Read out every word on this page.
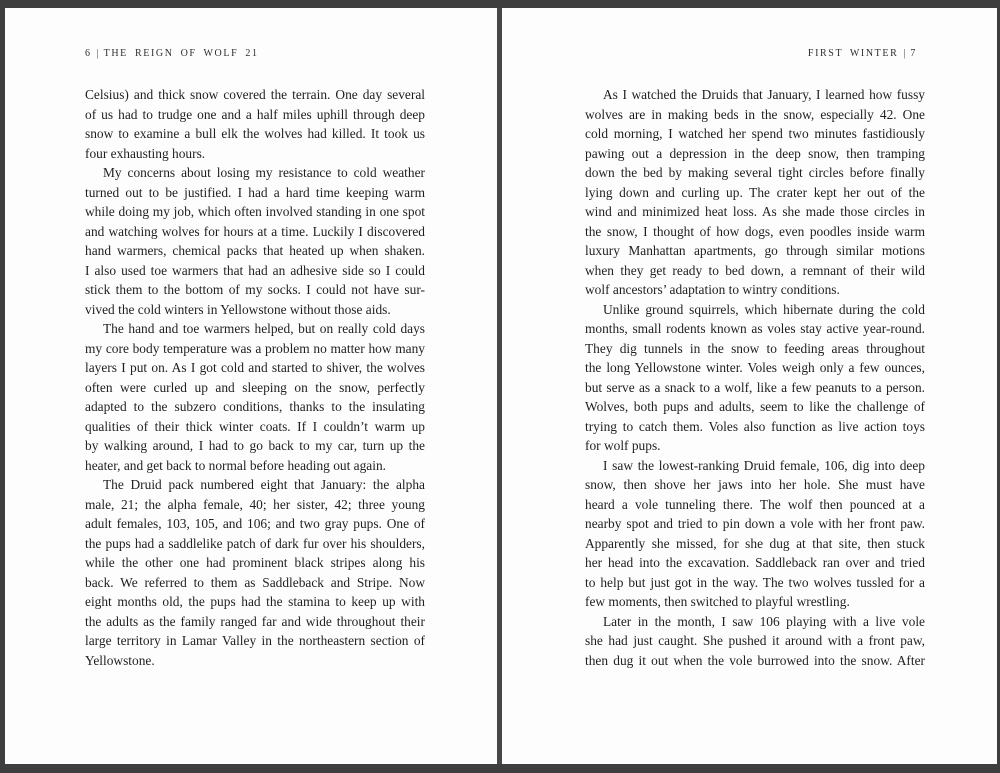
6 | THE REIGN OF WOLF 21	FIRST WINTER | 7
Celsius) and thick snow covered the terrain. One day several
of us had to trudge one and a half miles uphill through deep
snow to examine a bull elk the wolves had killed. It took us
four exhausting hours.
My concerns about losing my resistance to cold weather
turned out to be justified. I had a hard time keeping warm
while doing my job, which often involved standing in one spot
and watching wolves for hours at a time. Luckily I discovered
hand warmers, chemical packs that heated up when shaken.
I also used toe warmers that had an adhesive side so I could
stick them to the bottom of my socks. I could not have sur-
vived the cold winters in Yellowstone without those aids.
The hand and toe warmers helped, but on really cold days
my core body temperature was a problem no matter how many
layers I put on. As I got cold and started to shiver, the wolves
often were curled up and sleeping on the snow, perfectly
adapted to the subzero conditions, thanks to the insulating
qualities of their thick winter coats. If I couldn’t warm up
by walking around, I had to go back to my car, turn up the
heater, and get back to normal before heading out again.
The Druid pack numbered eight that January: the alpha
male, 21; the alpha female, 40; her sister, 42; three young
adult females, 103, 105, and 106; and two gray pups. One of
the pups had a saddlelike patch of dark fur over his shoulders,
while the other one had prominent black stripes along his
back. We referred to them as Saddleback and Stripe. Now
eight months old, the pups had the stamina to keep up with
the adults as the family ranged far and wide throughout their
large territory in Lamar Valley in the northeastern section of
Yellowstone.
As I watched the Druids that January, I learned how fussy
wolves are in making beds in the snow, especially 42. One
cold morning, I watched her spend two minutes fastidiously
pawing out a depression in the deep snow, then tramping
down the bed by making several tight circles before finally
lying down and curling up. The crater kept her out of the
wind and minimized heat loss. As she made those circles in
the snow, I thought of how dogs, even poodles inside warm
luxury Manhattan apartments, go through similar motions
when they get ready to bed down, a remnant of their wild
wolf ancestors’ adaptation to wintry conditions.
Unlike ground squirrels, which hibernate during the cold
months, small rodents known as voles stay active year-round.
They dig tunnels in the snow to feeding areas throughout
the long Yellowstone winter. Voles weigh only a few ounces,
but serve as a snack to a wolf, like a few peanuts to a person.
Wolves, both pups and adults, seem to like the challenge of
trying to catch them. Voles also function as live action toys
for wolf pups.
I saw the lowest-ranking Druid female, 106, dig into deep
snow, then shove her jaws into her hole. She must have
heard a vole tunneling there. The wolf then pounced at a
nearby spot and tried to pin down a vole with her front paw.
Apparently she missed, for she dug at that site, then stuck
her head into the excavation. Saddleback ran over and tried
to help but just got in the way. The two wolves tussled for a
few moments, then switched to playful wrestling.
Later in the month, I saw 106 playing with a live vole
she had just caught. She pushed it around with a front paw,
then dug it out when the vole burrowed into the snow. After
